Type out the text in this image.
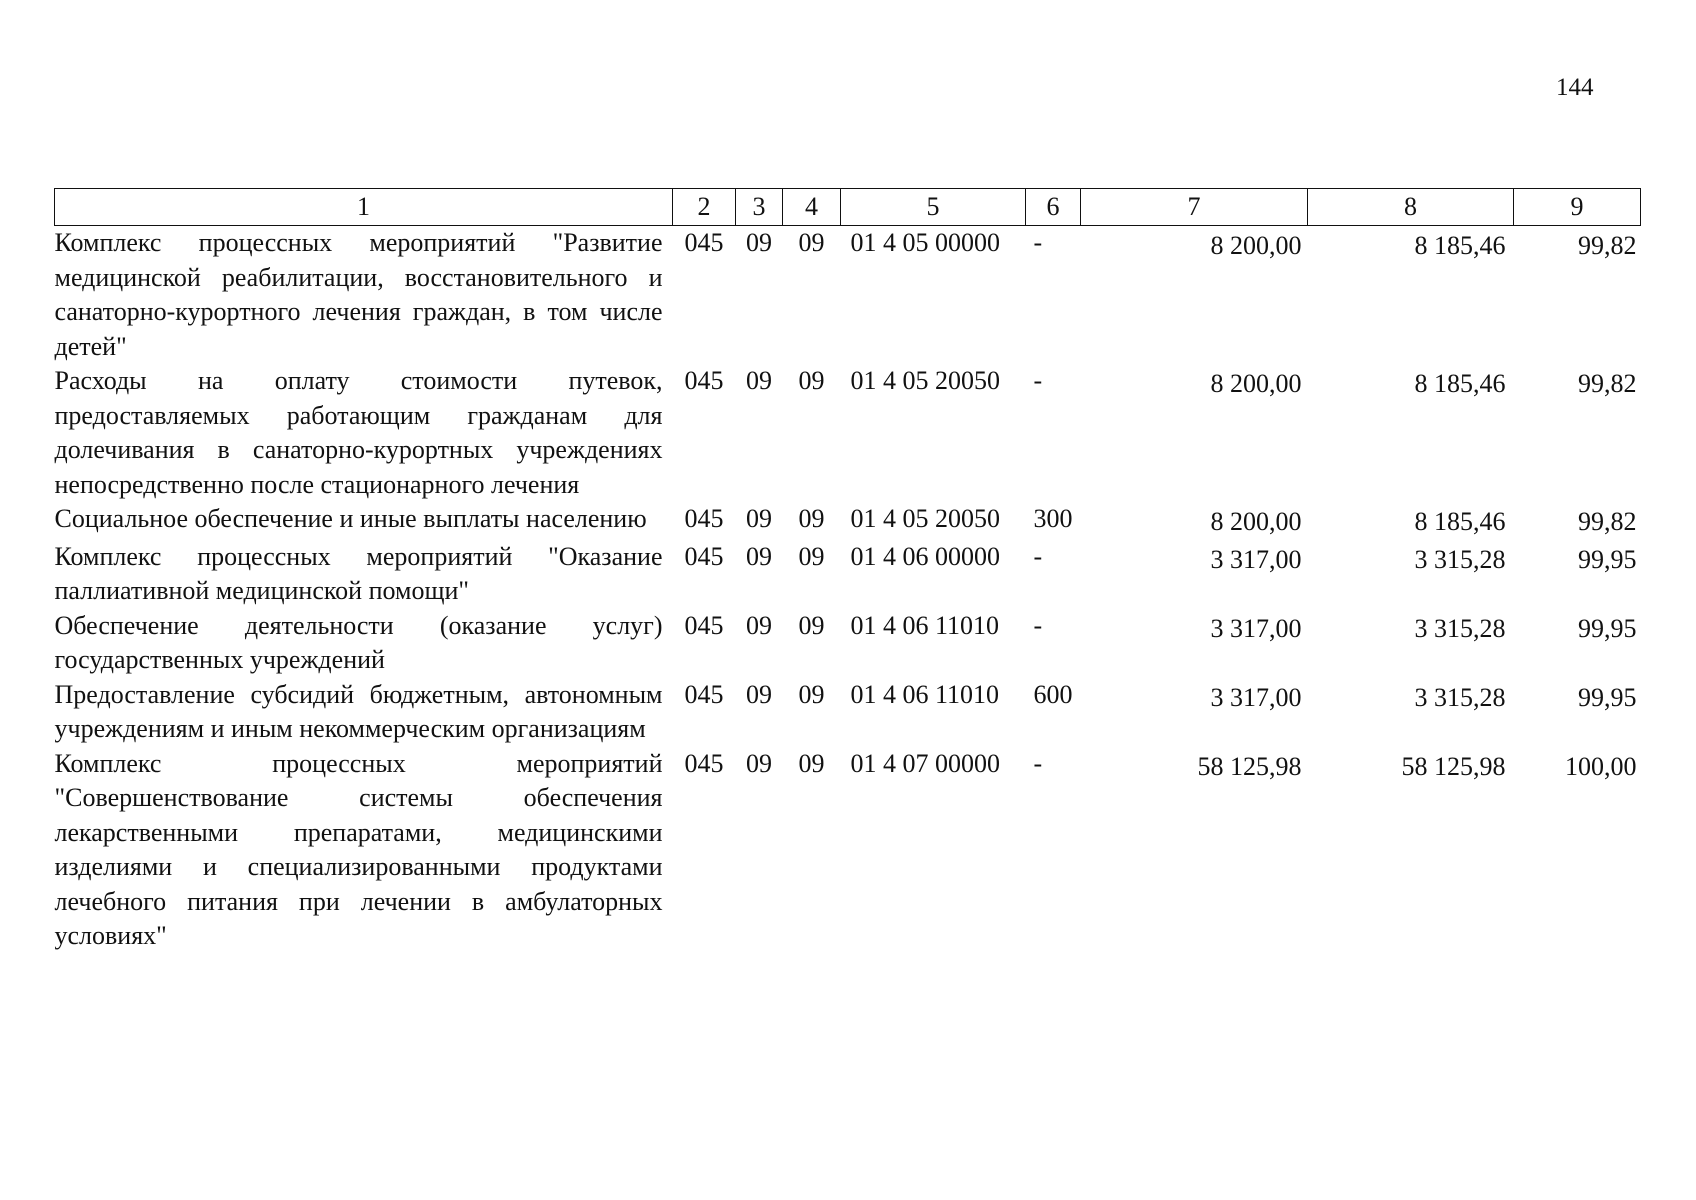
144
1	2	3	4	5	6	7	8	9
Комплекс процессных мероприятий "Развитие медицинской реабилитации, восстановительного и санаторно-курортного лечения граждан, в том числе детей"	045	09	09	01 4 05 00000	-	8 200,00	8 185,46	99,82
Расходы на оплату стоимости путевок, предоставляемых работающим гражданам для долечивания в санаторно-курортных учреждениях непосредственно после стационарного лечения	045	09	09	01 4 05 20050	-	8 200,00	8 185,46	99,82
Социальное обеспечение и иные выплаты населению	045	09	09	01 4 05 20050	300	8 200,00	8 185,46	99,82
Комплекс процессных мероприятий "Оказание паллиативной медицинской помощи"	045	09	09	01 4 06 00000	-	3 317,00	3 315,28	99,95
Обеспечение деятельности (оказание услуг) государственных учреждений	045	09	09	01 4 06 11010	-	3 317,00	3 315,28	99,95
Предоставление субсидий бюджетным, автономным учреждениям и иным некоммерческим организациям	045	09	09	01 4 06 11010	600	3 317,00	3 315,28	99,95
Комплекс процессных мероприятий "Совершенствование системы обеспечения лекарственными препаратами, медицинскими изделиями и специализированными продуктами лечебного питания при лечении в амбулаторных условиях"	045	09	09	01 4 07 00000	-	58 125,98	58 125,98	100,00
